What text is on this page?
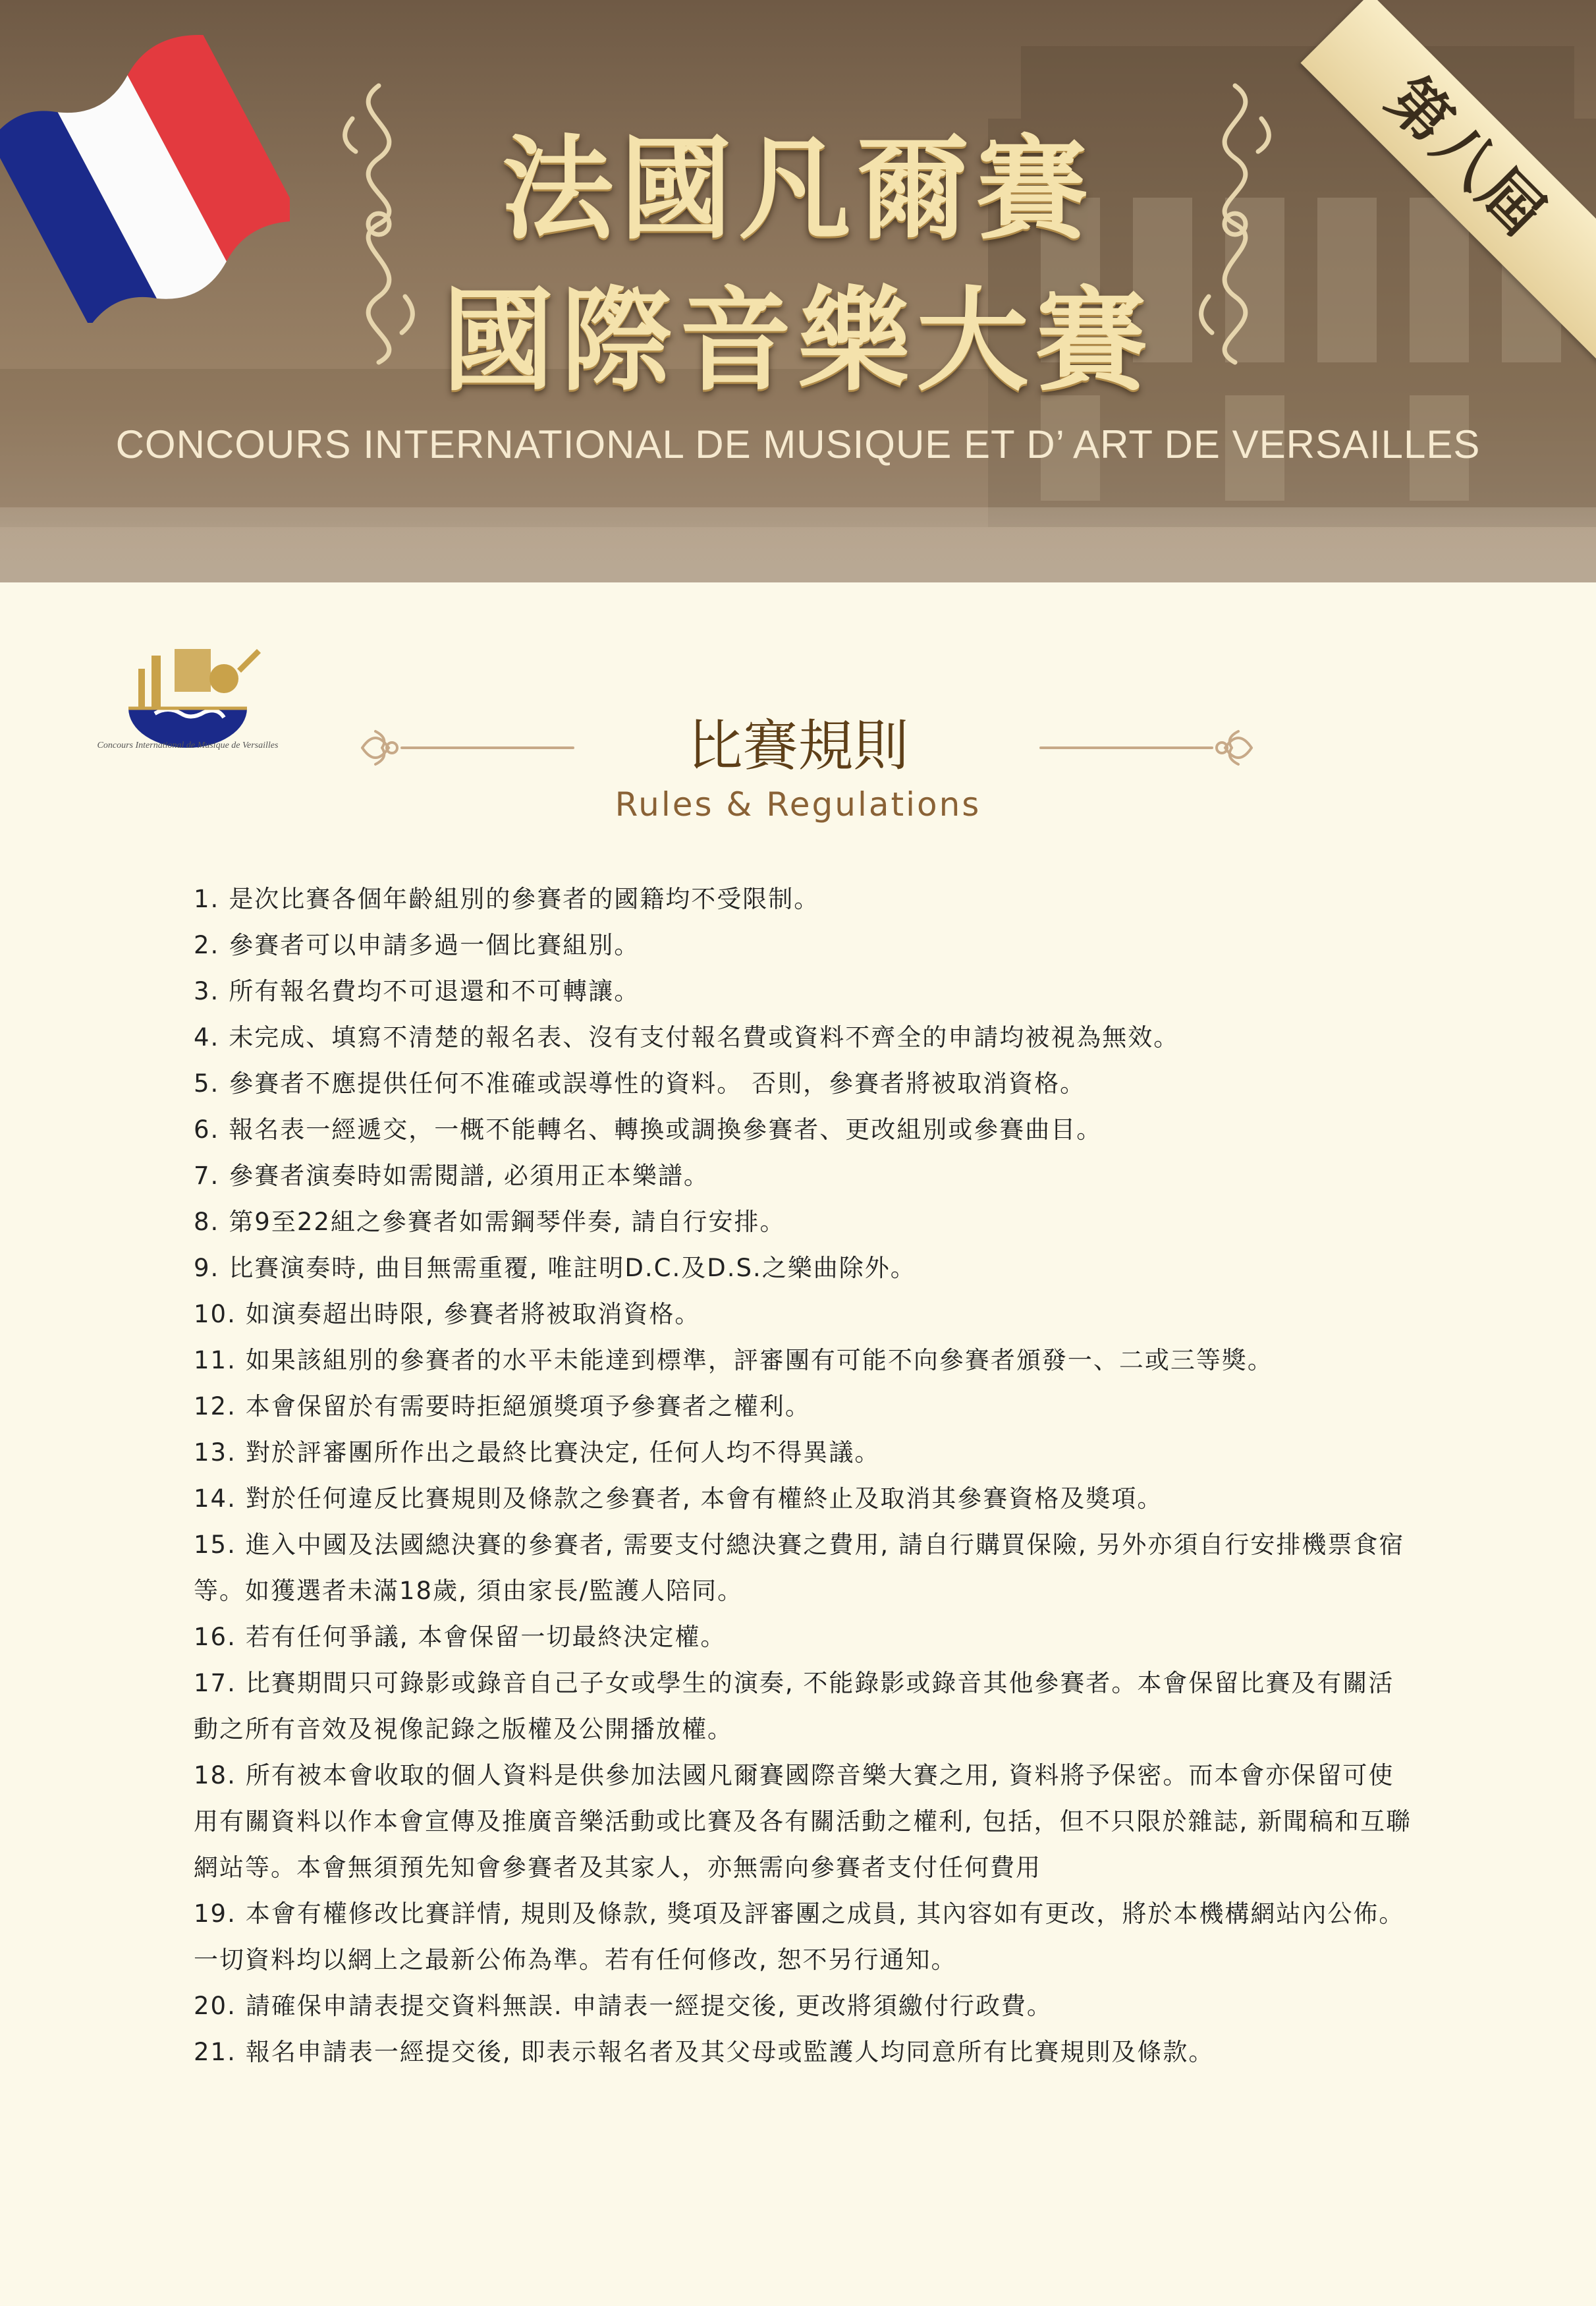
法國凡爾賽
國際音樂大賽
CONCOURS INTERNATIONAL DE MUSIQUE ET D’ ART DE VERSAILLES
第八屆
Concours International de Musique de Versailles	比賽規則
Rules & Regulations

1. 是次比賽各個年齡組別的參賽者的國籍均不受限制。

2. 參賽者可以申請多過一個比賽組別。

3. 所有報名費均不可退還和不可轉讓。

4. 未完成、填寫不清楚的報名表、沒有支付報名費或資料不齊全的申請均被視為無效。

5. 參賽者不應提供任何不准確或誤導性的資料。 否則，參賽者將被取消資格。

6. 報名表一經遞交，一概不能轉名、轉換或調換參賽者、更改組別或參賽曲目。

7. 參賽者演奏時如需閱譜, 必須用正本樂譜。

8. 第9至22組之參賽者如需鋼琴伴奏, 請自行安排。

9. 比賽演奏時, 曲目無需重覆, 唯註明D.C.及D.S.之樂曲除外。

10. 如演奏超出時限, 參賽者將被取消資格。

11. 如果該組別的參賽者的水平未能達到標準，評審團有可能不向參賽者頒發一、二或三等獎。

12. 本會保留於有需要時拒絕頒獎項予參賽者之權利。

13. 對於評審團所作出之最終比賽決定, 任何人均不得異議。

14. 對於任何違反比賽規則及條款之參賽者, 本會有權終止及取消其參賽資格及獎項。

15. 進入中國及法國總決賽的參賽者, 需要支付總決賽之費用, 請自行購買保險, 另外亦須自行安排機票食宿等。如獲選者未滿18歲, 須由家長/監護人陪同。

16. 若有任何爭議, 本會保留一切最終決定權。

17. 比賽期間只可錄影或錄音自己子女或學生的演奏, 不能錄影或錄音其他參賽者。本會保留比賽及有關活動之所有音效及視像記錄之版權及公開播放權。

18. 所有被本會收取的個人資料是供參加法國凡爾賽國際音樂大賽之用, 資料將予保密。而本會亦保留可使用有關資料以作本會宣傳及推廣音樂活動或比賽及各有關活動之權利, 包括，但不只限於雜誌, 新聞稿和互聯網站等。本會無須預先知會參賽者及其家人，亦無需向參賽者支付任何費用

19. 本會有權修改比賽詳情, 規則及條款, 獎項及評審團之成員, 其內容如有更改，將於本機構網站內公佈。一切資料均以網上之最新公佈為準。若有任何修改, 恕不另行通知。

20. 請確保申請表提交資料無誤. 申請表一經提交後, 更改將須繳付行政費。

21. 報名申請表一經提交後, 即表示報名者及其父母或監護人均同意所有比賽規則及條款。
